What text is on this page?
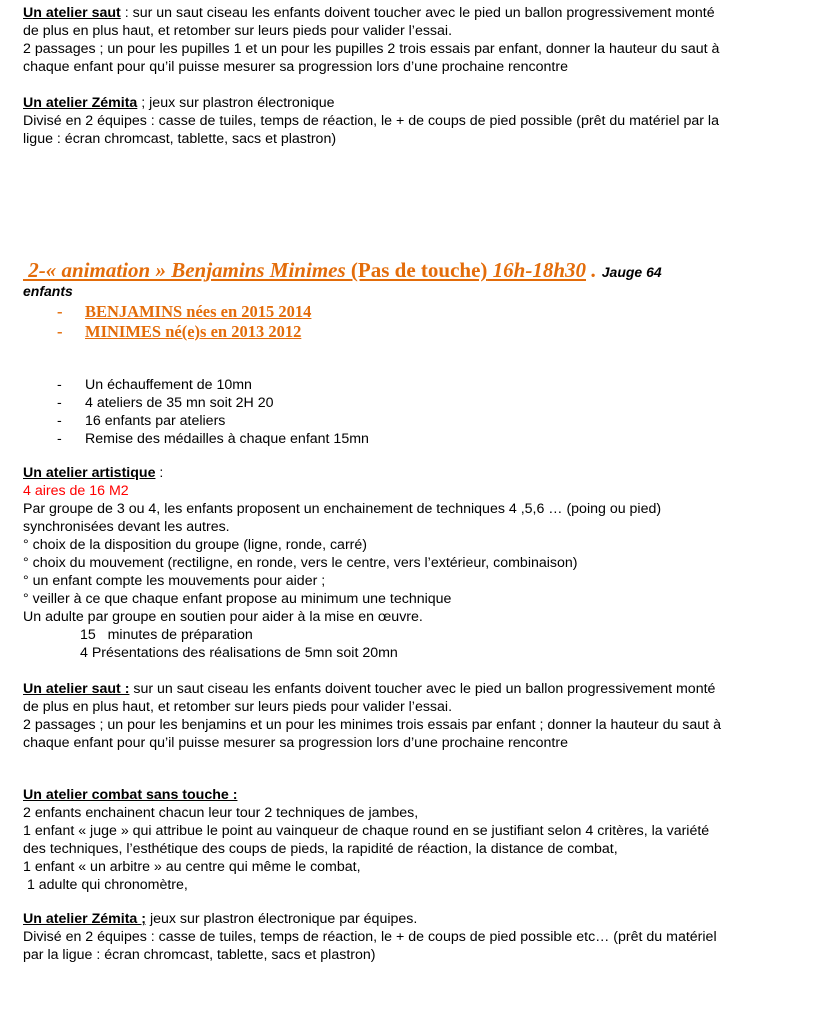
Un atelier saut : sur un saut ciseau les enfants doivent toucher avec le pied un ballon progressivement monté
de plus en plus haut, et retomber sur leurs pieds pour valider l’essai.
2 passages ; un pour les pupilles 1 et un pour les pupilles 2 trois essais par enfant, donner la hauteur du saut à
chaque enfant pour qu’il puisse mesurer sa progression lors d’une prochaine rencontre
Un atelier Zémita ; jeux sur plastron électronique
Divisé en 2 équipes : casse de tuiles, temps de réaction, le + de coups de pied possible (prêt du matériel par la
ligue : écran chromcast, tablette, sacs et plastron)
2-« animation » Benjamins Minimes (Pas de touche) 16h-18h30 . Jauge 64
enfants
- BENJAMINS nées en 2015 2014
- MINIMES né(e)s en 2013 2012
- Un échauffement de 10mn
- 4 ateliers de 35 mn soit 2H 20
- 16 enfants par ateliers
- Remise des médailles à chaque enfant 15mn
Un atelier artistique :
4 aires de 16 M2
Par groupe de 3 ou 4, les enfants proposent un enchainement de techniques 4 ,5,6 … (poing ou pied)
synchronisées devant les autres.
° choix de la disposition du groupe (ligne, ronde, carré)
° choix du mouvement (rectiligne, en ronde, vers le centre, vers l’extérieur, combinaison)
° un enfant compte les mouvements pour aider ;
° veiller à ce que chaque enfant propose au minimum une technique
Un adulte par groupe en soutien pour aider à la mise en œuvre.
15   minutes de préparation
4 Présentations des réalisations de 5mn soit 20mn
Un atelier saut : sur un saut ciseau les enfants doivent toucher avec le pied un ballon progressivement monté
de plus en plus haut, et retomber sur leurs pieds pour valider l’essai.
2 passages ; un pour les benjamins et un pour les minimes trois essais par enfant ; donner la hauteur du saut à
chaque enfant pour qu’il puisse mesurer sa progression lors d’une prochaine rencontre
Un atelier combat sans touche :
2 enfants enchainent chacun leur tour 2 techniques de jambes,
1 enfant « juge » qui attribue le point au vainqueur de chaque round en se justifiant selon 4 critères, la variété
des techniques, l’esthétique des coups de pieds, la rapidité de réaction, la distance de combat,
1 enfant « un arbitre » au centre qui même le combat,
1 adulte qui chronomètre,
Un atelier Zémita ; jeux sur plastron électronique par équipes.
Divisé en 2 équipes : casse de tuiles, temps de réaction, le + de coups de pied possible etc… (prêt du matériel
par la ligue : écran chromcast, tablette, sacs et plastron)
